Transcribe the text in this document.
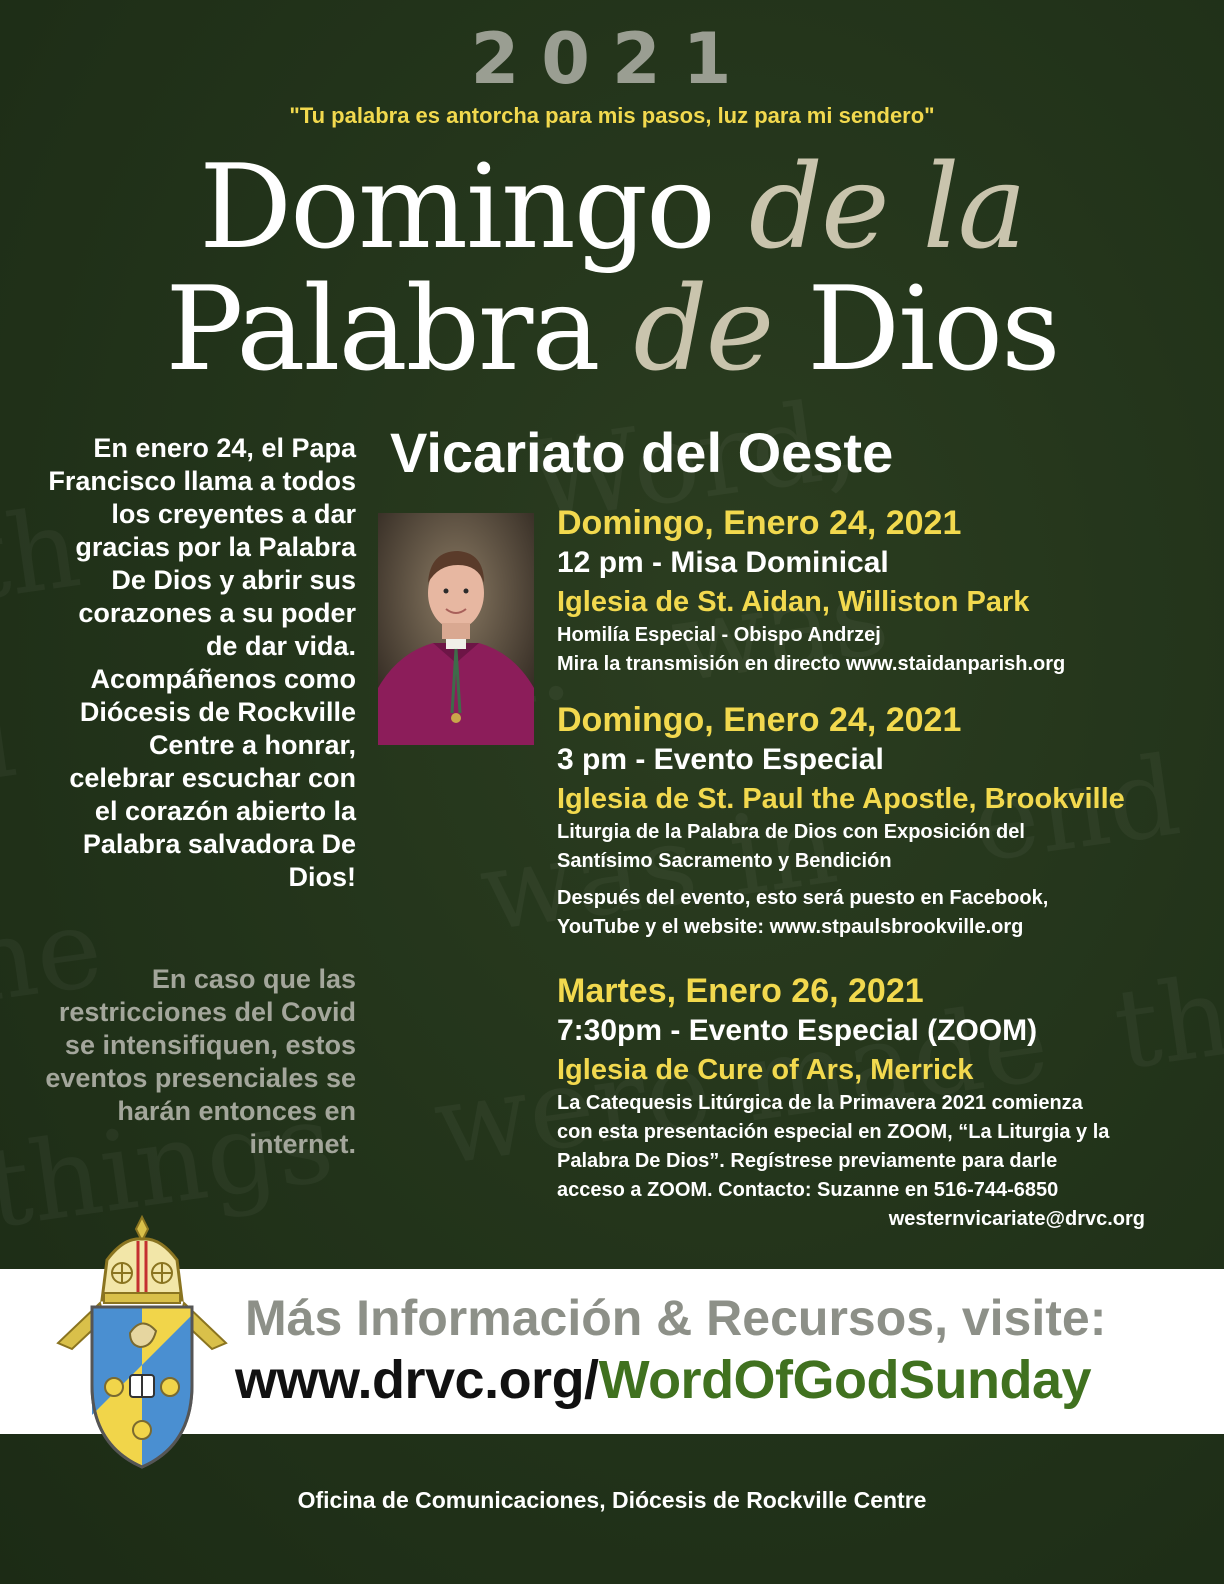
2021
"Tu palabra es antorcha para mis pasos, luz para mi sendero"
Domingo de la
Palabra de Dios
Vicariato del Oeste
En enero 24, el Papa Francisco llama a todos los creyentes a dar gracias por la Palabra De Dios y abrir sus corazones a su poder de dar vida. Acompáñenos como Diócesis de Rockville Centre a honrar, celebrar escuchar con el corazón abierto la Palabra salvadora De Dios!
En caso que las restricciones del Covid se intensifiquen, estos eventos presenciales se harán entonces en internet.
Domingo, Enero 24, 2021
12 pm - Misa Dominical
Iglesia de St. Aidan, Williston Park
Homilía Especial - Obispo Andrzej
Mira la transmisión en directo www.staidanparish.org
Domingo, Enero 24, 2021
3 pm - Evento Especial
Iglesia de St. Paul the Apostle, Brookville
Liturgia de la Palabra de Dios con Exposición del
Santísimo Sacramento y Bendición
Después del evento, esto será puesto en Facebook,
YouTube y el website: www.stpaulsbrookville.org
Martes, Enero 26, 2021
7:30pm - Evento Especial (ZOOM)
Iglesia de Cure of Ars, Merrick
La Catequesis Litúrgica de la Primavera 2021 comienza
con esta presentación especial en ZOOM, “La Liturgia y la
Palabra De Dios”. Regístrese previamente para darle
acceso a ZOOM. Contacto: Suzanne en 516-744-6850
westernvicariate@drvc.org
Más Información & Recursos, visite:
www.drvc.org/WordOfGodSunday
Oficina de Comunicaciones, Diócesis de Rockville Centre
